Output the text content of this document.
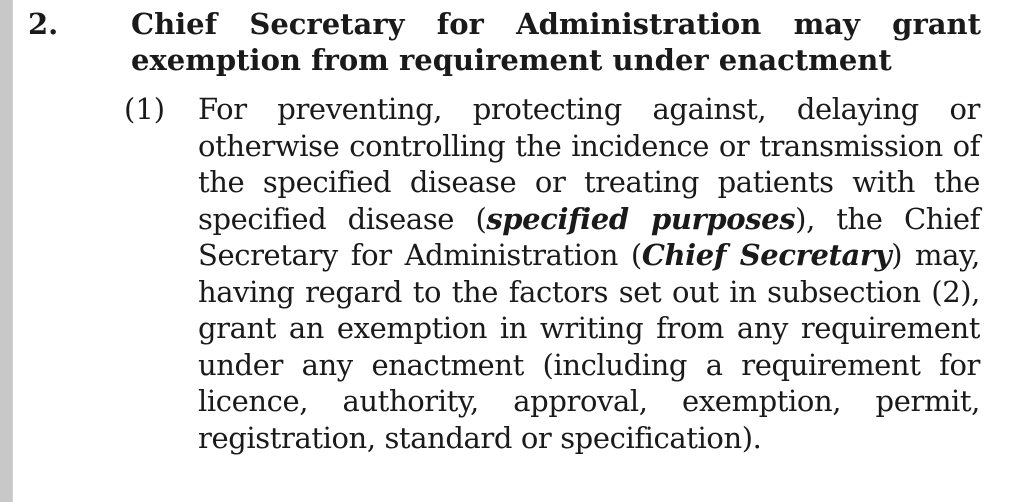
2.	Chief Secretary for Administration may grant exemption from requirement under enactment
(1) For preventing, protecting against, delaying or otherwise controlling the incidence or transmission of the specified disease or treating patients with the specified disease (specified purposes), the Chief Secretary for Administration (Chief Secretary) may, having regard to the factors set out in subsection (2), grant an exemption in writing from any requirement under any enactment (including a requirement for licence, authority, approval, exemption, permit, registration, standard or specification).
